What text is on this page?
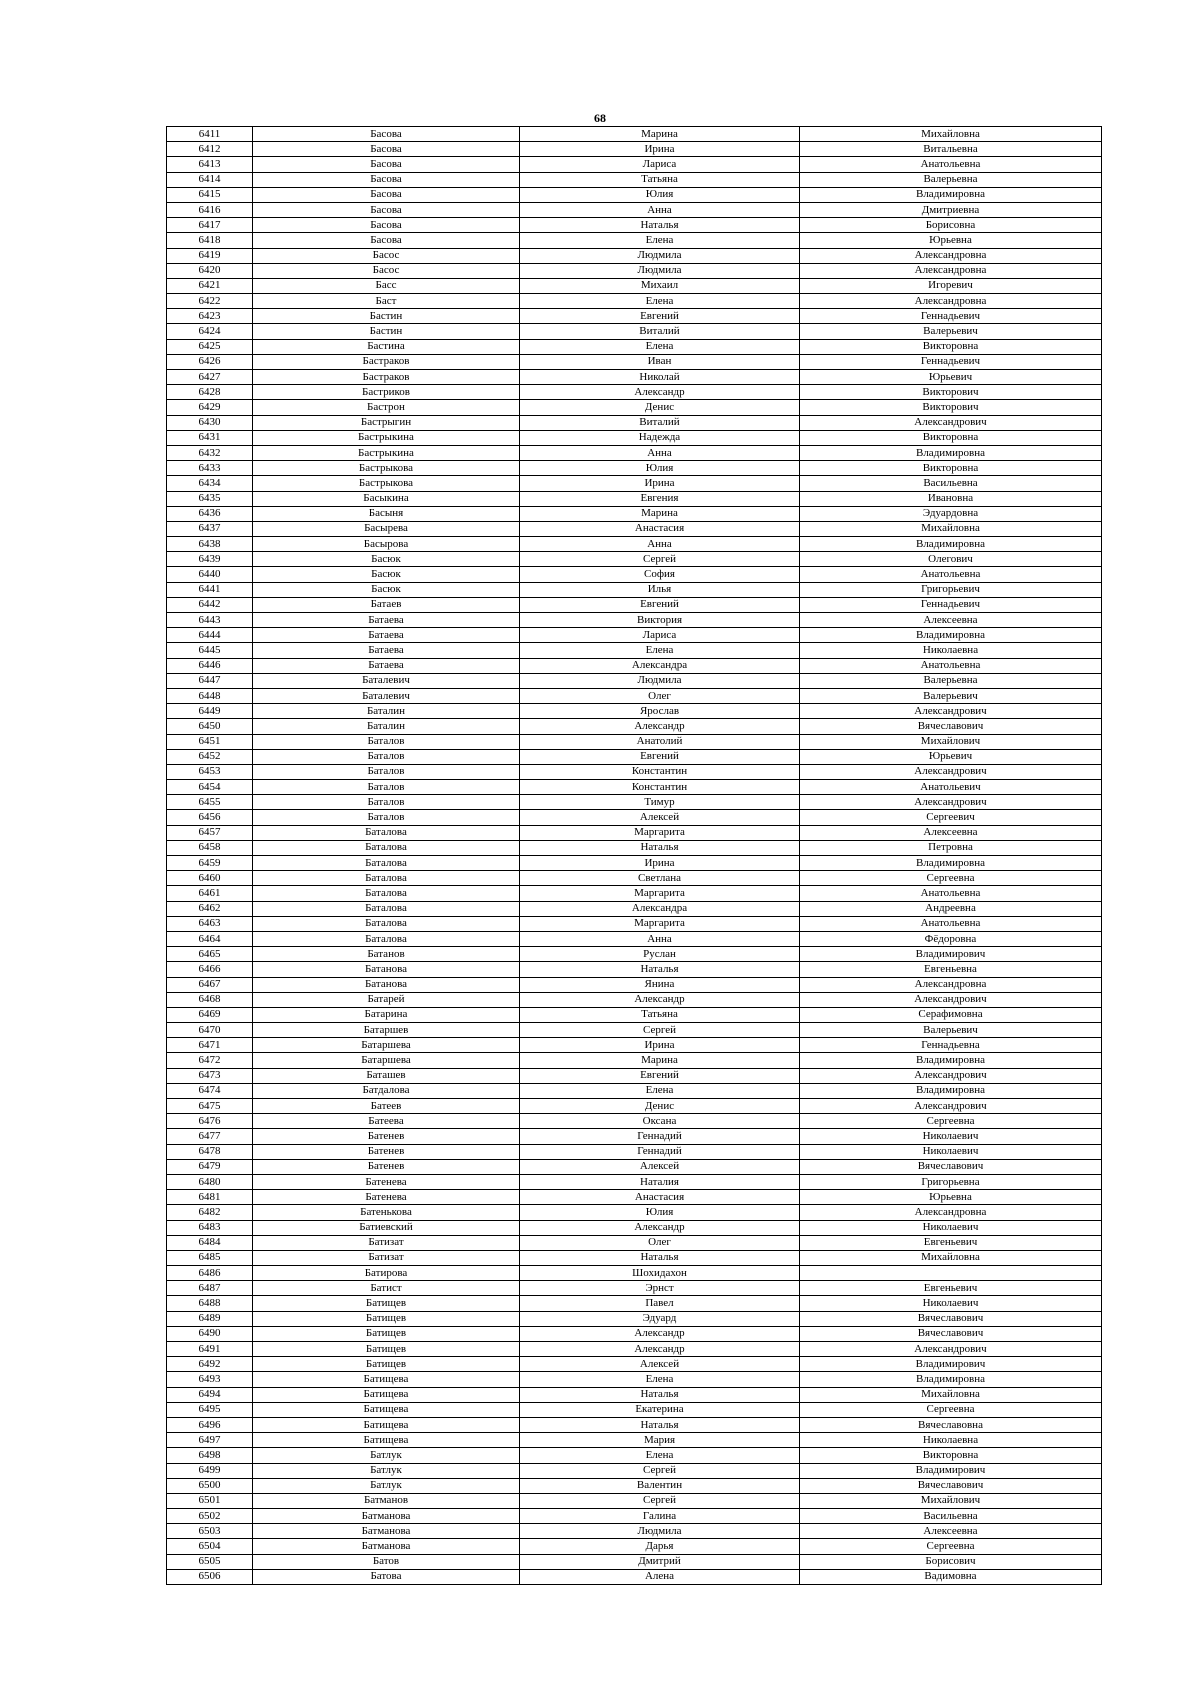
68
6411	Басова	Марина	Михайловна
6412	Басова	Ирина	Витальевна
6413	Басова	Лариса	Анатольевна
6414	Басова	Татьяна	Валерьевна
6415	Басова	Юлия	Владимировна
6416	Басова	Анна	Дмитриевна
6417	Басова	Наталья	Борисовна
6418	Басова	Елена	Юрьевна
6419	Басос	Людмила	Александровна
6420	Басос	Людмила	Александровна
6421	Басс	Михаил	Игоревич
6422	Баст	Елена	Александровна
6423	Бастин	Евгений	Геннадьевич
6424	Бастин	Виталий	Валерьевич
6425	Бастина	Елена	Викторовна
6426	Бастраков	Иван	Геннадьевич
6427	Бастраков	Николай	Юрьевич
6428	Бастриков	Александр	Викторович
6429	Бастрон	Денис	Викторович
6430	Бастрыгин	Виталий	Александрович
6431	Бастрыкина	Надежда	Викторовна
6432	Бастрыкина	Анна	Владимировна
6433	Бастрыкова	Юлия	Викторовна
6434	Бастрыкова	Ирина	Васильевна
6435	Басыкина	Евгения	Ивановна
6436	Басыня	Марина	Эдуардовна
6437	Басырева	Анастасия	Михайловна
6438	Басырова	Анна	Владимировна
6439	Басюк	Сергей	Олегович
6440	Басюк	София	Анатольевна
6441	Басюк	Илья	Григорьевич
6442	Батаев	Евгений	Геннадьевич
6443	Батаева	Виктория	Алексеевна
6444	Батаева	Лариса	Владимировна
6445	Батаева	Елена	Николаевна
6446	Батаева	Александра	Анатольевна
6447	Баталевич	Людмила	Валерьевна
6448	Баталевич	Олег	Валерьевич
6449	Баталин	Ярослав	Александрович
6450	Баталин	Александр	Вячеславович
6451	Баталов	Анатолий	Михайлович
6452	Баталов	Евгений	Юрьевич
6453	Баталов	Константин	Александрович
6454	Баталов	Константин	Анатольевич
6455	Баталов	Тимур	Александрович
6456	Баталов	Алексей	Сергеевич
6457	Баталова	Маргарита	Алексеевна
6458	Баталова	Наталья	Петровна
6459	Баталова	Ирина	Владимировна
6460	Баталова	Светлана	Сергеевна
6461	Баталова	Маргарита	Анатольевна
6462	Баталова	Александра	Андреевна
6463	Баталова	Маргарита	Анатольевна
6464	Баталова	Анна	Фёдоровна
6465	Батанов	Руслан	Владимирович
6466	Батанова	Наталья	Евгеньевна
6467	Батанова	Янина	Александровна
6468	Батарей	Александр	Александрович
6469	Батарина	Татьяна	Серафимовна
6470	Батаршев	Сергей	Валерьевич
6471	Батаршева	Ирина	Геннадьевна
6472	Батаршева	Марина	Владимировна
6473	Баташев	Евгений	Александрович
6474	Батдалова	Елена	Владимировна
6475	Батеев	Денис	Александрович
6476	Батеева	Оксана	Сергеевна
6477	Батенев	Геннадий	Николаевич
6478	Батенев	Геннадий	Николаевич
6479	Батенев	Алексей	Вячеславович
6480	Батенева	Наталия	Григорьевна
6481	Батенева	Анастасия	Юрьевна
6482	Батенькова	Юлия	Александровна
6483	Батиевский	Александр	Николаевич
6484	Батизат	Олег	Евгеньевич
6485	Батизат	Наталья	Михайловна
6486	Батирова	Шохидахон	
6487	Батист	Эрнст	Евгеньевич
6488	Батищев	Павел	Николаевич
6489	Батищев	Эдуард	Вячеславович
6490	Батищев	Александр	Вячеславович
6491	Батищев	Александр	Александрович
6492	Батищев	Алексей	Владимирович
6493	Батищева	Елена	Владимировна
6494	Батищева	Наталья	Михайловна
6495	Батищева	Екатерина	Сергеевна
6496	Батищева	Наталья	Вячеславовна
6497	Батищева	Мария	Николаевна
6498	Батлук	Елена	Викторовна
6499	Батлук	Сергей	Владимирович
6500	Батлук	Валентин	Вячеславович
6501	Батманов	Сергей	Михайлович
6502	Батманова	Галина	Васильевна
6503	Батманова	Людмила	Алексеевна
6504	Батманова	Дарья	Сергеевна
6505	Батов	Дмитрий	Борисович
6506	Батова	Алена	Вадимовна
